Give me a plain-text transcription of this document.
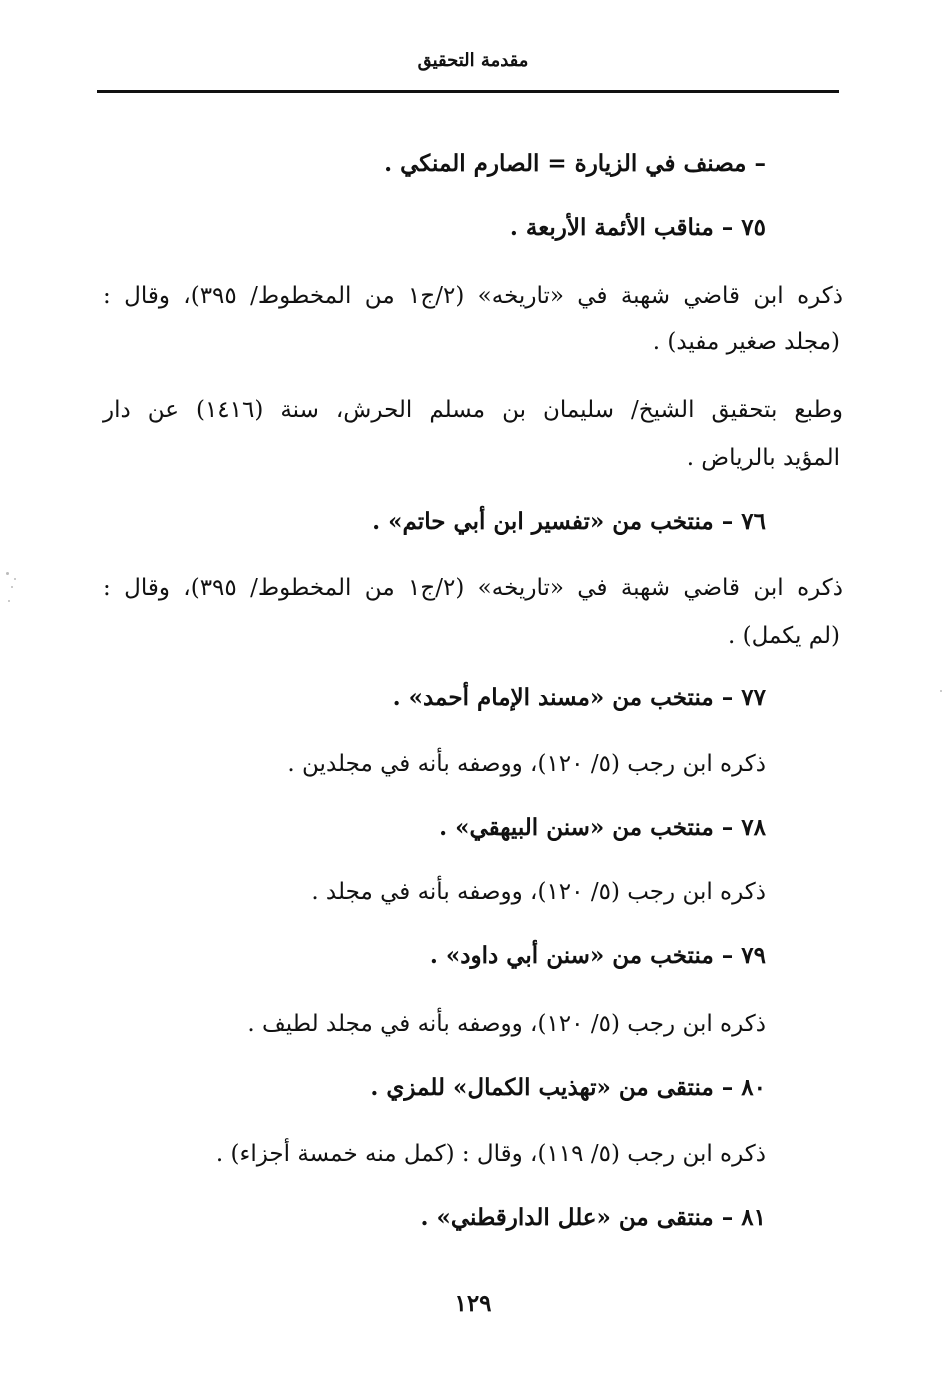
مقدمة التحقيق
– مصنف في الزيارة = الصارم المنكي .
٧٥ – مناقب الأئمة الأربعة .
ذكره ابن قاضي شهبة في «تاريخه» (٢/ج١ من المخطوط/ ٣٩٥)، وقال :
(مجلد صغير مفيد) .
وطبع بتحقيق الشيخ/ سليمان بن مسلم الحرش، سنة (١٤١٦) عن دار
المؤيد بالرياض .
٧٦ – منتخب من «تفسير ابن أبي حاتم» .
ذكره ابن قاضي شهبة في «تاريخه» (٢/ج١ من المخطوط/ ٣٩٥)، وقال :
(لم يكمل) .
٧٧ – منتخب من «مسند الإمام أحمد» .
ذكره ابن رجب (٥/ ١٢٠)، ووصفه بأنه في مجلدين .
٧٨ – منتخب من «سنن البيهقي» .
ذكره ابن رجب (٥/ ١٢٠)، ووصفه بأنه في مجلد .
٧٩ – منتخب من «سنن أبي داود» .
ذكره ابن رجب (٥/ ١٢٠)، ووصفه بأنه في مجلد لطيف .
٨٠ – منتقى من «تهذيب الكمال» للمزي .
ذكره ابن رجب (٥/ ١١٩)، وقال : (كمل منه خمسة أجزاء) .
٨١ – منتقى من «علل الدارقطني» .
١٢٩
